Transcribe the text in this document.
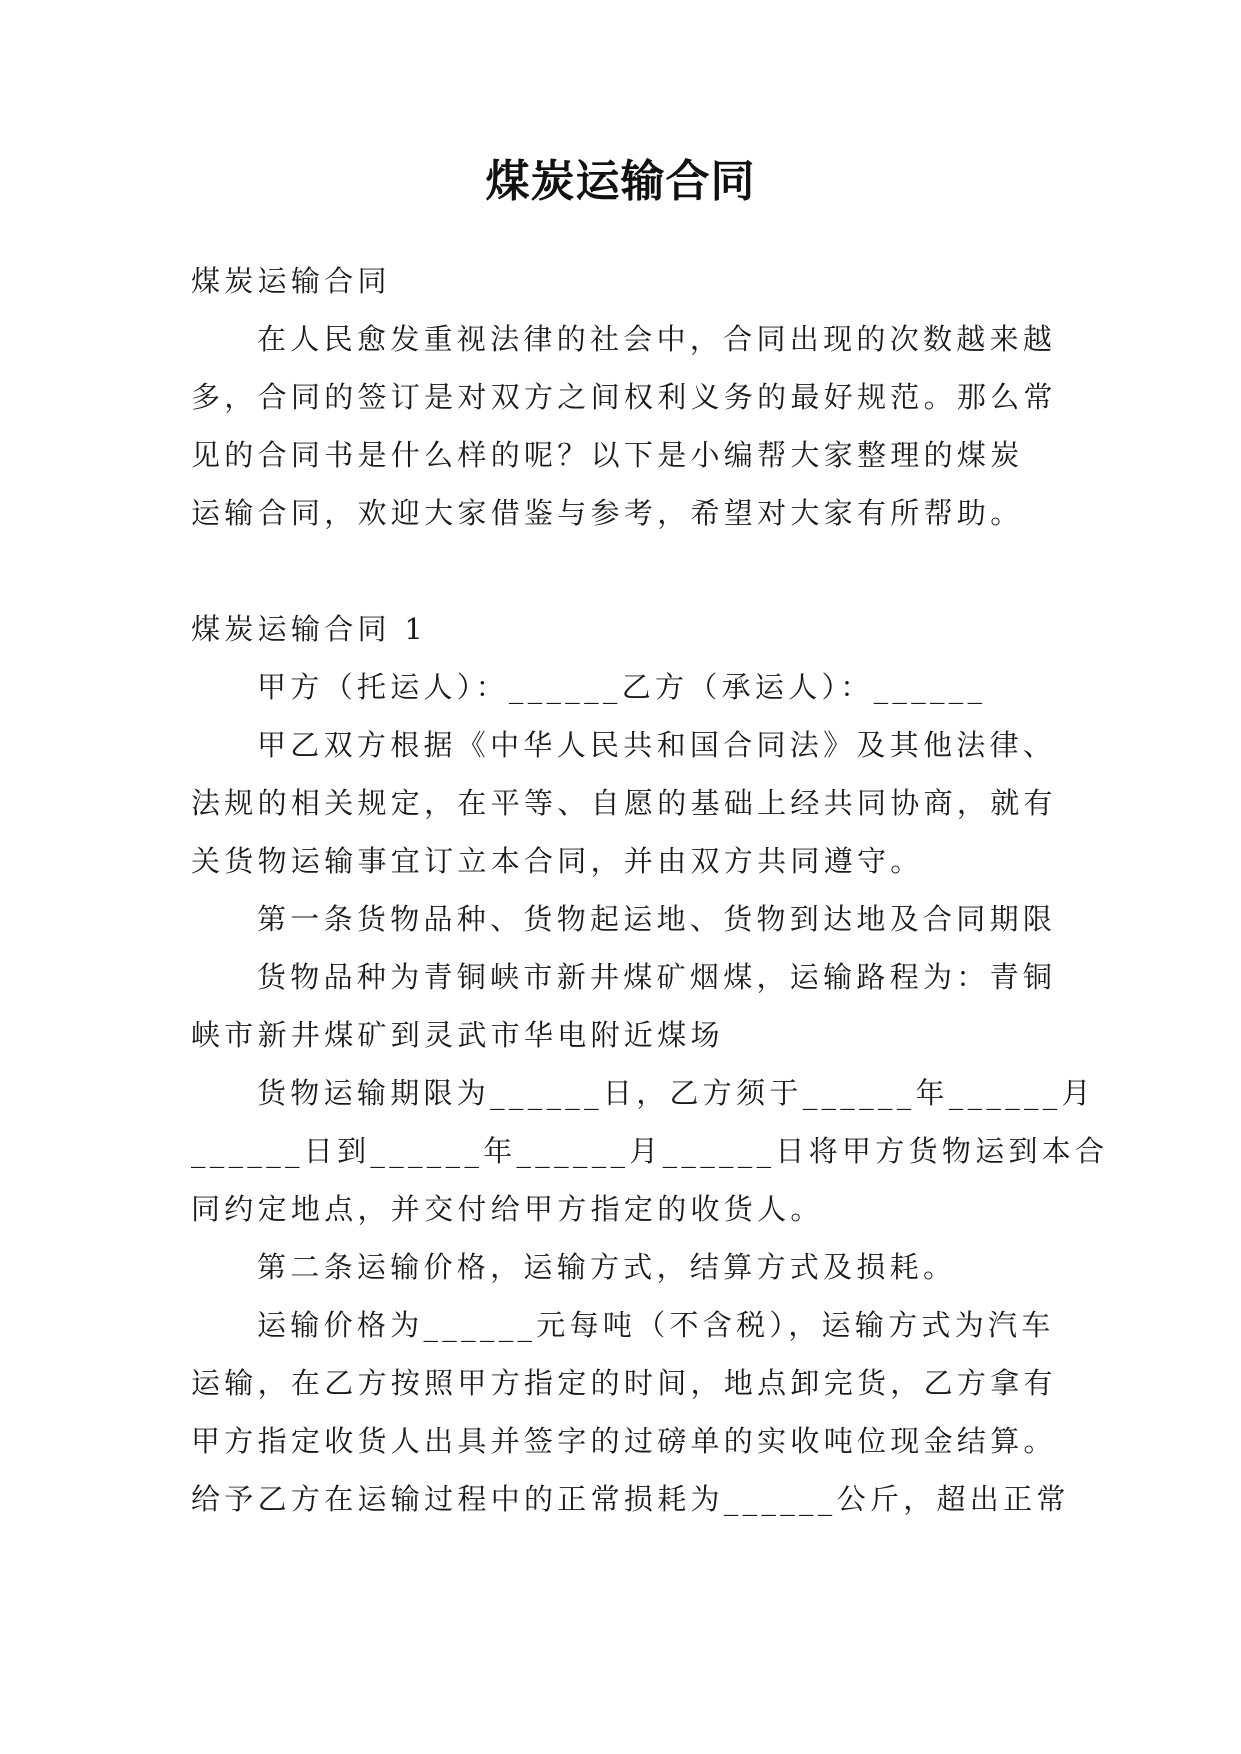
煤炭运输合同
煤炭运输合同
在人民愈发重视法律的社会中，合同出现的次数越来越
多，合同的签订是对双方之间权利义务的最好规范。那么常
见的合同书是什么样的呢？以下是小编帮大家整理的煤炭
运输合同，欢迎大家借鉴与参考，希望对大家有所帮助。
煤炭运输合同 1
甲方（托运人）：______乙方（承运人）：______
甲乙双方根据《中华人民共和国合同法》及其他法律、
法规的相关规定，在平等、自愿的基础上经共同协商，就有
关货物运输事宜订立本合同，并由双方共同遵守。
第一条货物品种、货物起运地、货物到达地及合同期限
货物品种为青铜峡市新井煤矿烟煤，运输路程为：青铜
峡市新井煤矿到灵武市华电附近煤场
货物运输期限为______日，乙方须于______年______月
______日到______年______月______日将甲方货物运到本合
同约定地点，并交付给甲方指定的收货人。
第二条运输价格，运输方式，结算方式及损耗。
运输价格为______元每吨（不含税），运输方式为汽车
运输，在乙方按照甲方指定的时间，地点卸完货，乙方拿有
甲方指定收货人出具并签字的过磅单的实收吨位现金结算。
给予乙方在运输过程中的正常损耗为______公斤，超出正常
